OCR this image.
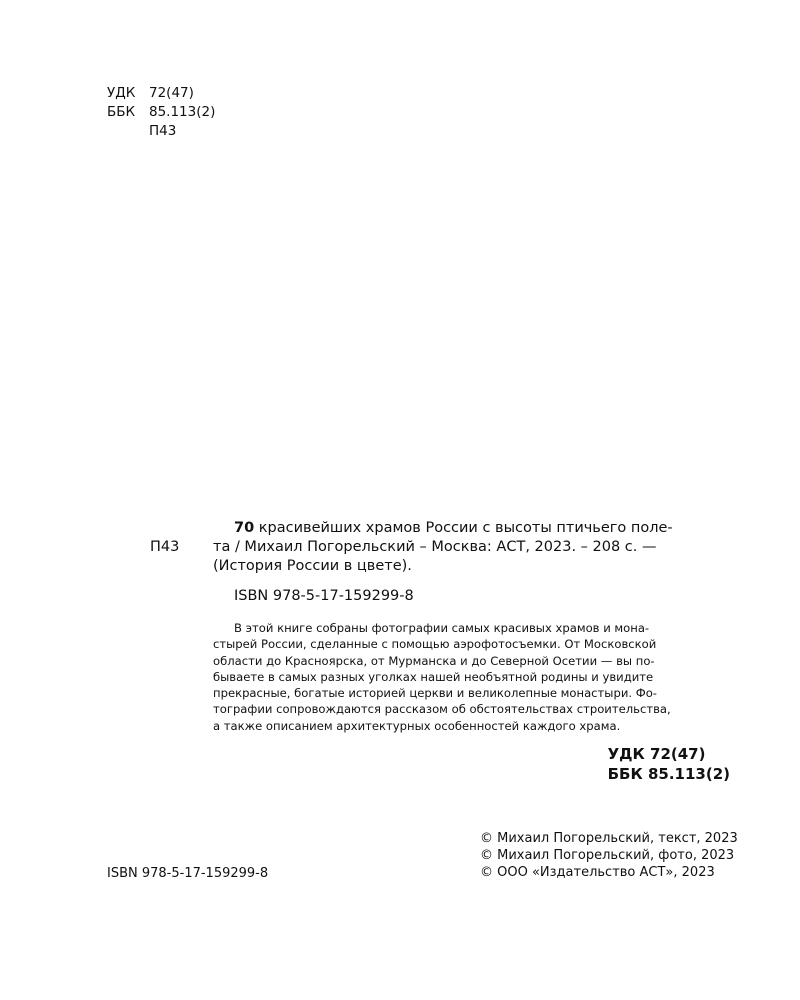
УДК	72(47)
ББК	85.113(2)
П43
П43
70 красивейших храмов России с высоты птичьего поле-
та / Михаил Погорельский – Москва: АСТ, 2023. – 208 с. —
(История России в цвете).
ISBN 978-5-17-159299-8
В этой книге собраны фотографии самых красивых храмов и мона-
стырей России, сделанные с помощью аэрофотосъемки. От Московской
области до Красноярска, от Мурманска и до Северной Осетии — вы по-
бываете в самых разных уголках нашей необъятной родины и увидите
прекрасные, богатые историей церкви и великолепные монастыри. Фо-
тографии сопровождаются рассказом об обстоятельствах строительства,
а также описанием архитектурных особенностей каждого храма.
УДК 72(47)
ББК 85.113(2)
ISBN 978-5-17-159299-8
© Михаил Погорельский, текст, 2023
© Михаил Погорельский, фото, 2023
© ООО «Издательство АСТ», 2023
